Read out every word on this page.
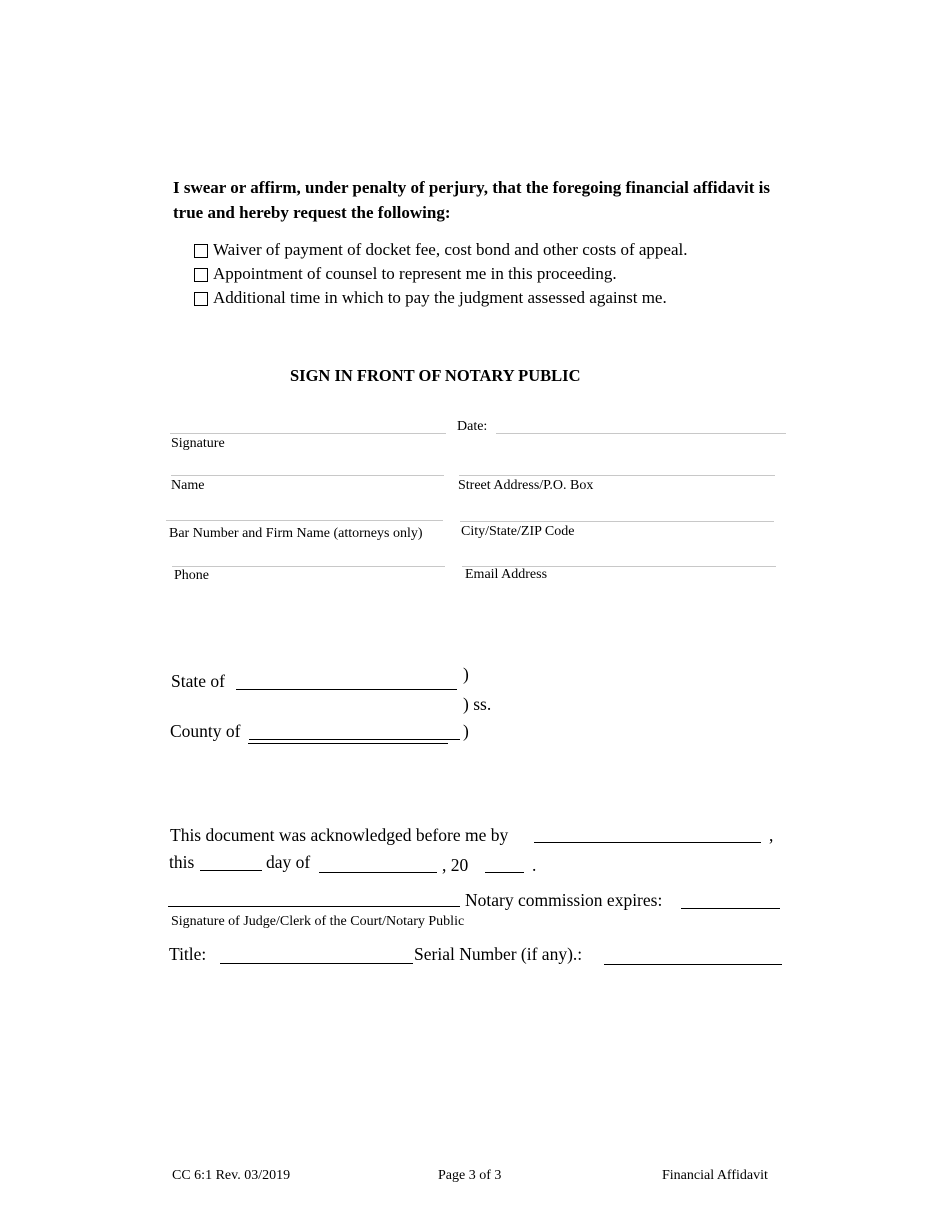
I swear or affirm, under penalty of perjury, that the foregoing financial affidavit is true and hereby request the following:
Waiver of payment of docket fee, cost bond and other costs of appeal.
Appointment of counsel to represent me in this proceeding.
Additional time in which to pay the judgment assessed against me.
SIGN IN FRONT OF NOTARY PUBLIC
Signature
Date:
Name	Street Address/P.O. Box
Bar Number and Firm Name (attorneys only)	City/State/ZIP Code
Phone	Email Address
State of	)
) ss.
County of	)
This document was acknowledged before me by	,
this	day of	, 20	.
Notary commission expires:
Signature of Judge/Clerk of the Court/Notary Public
Title:	Serial Number (if any).:
CC 6:1 Rev. 03/2019	Page 3 of 3	Financial Affidavit
